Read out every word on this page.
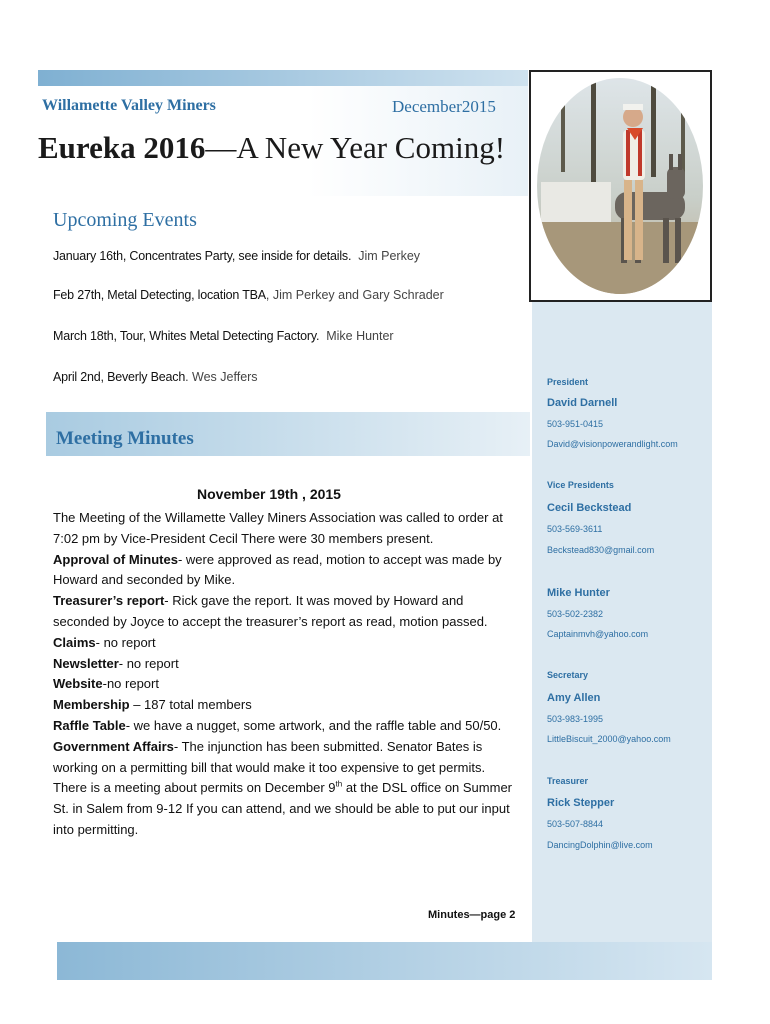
Willamette Valley Miners	December2015
Eureka 2016—A New Year Coming!
Upcoming Events
January 16th, Concentrates Party, see inside for details. Jim Perkey
Feb 27th, Metal Detecting, location TBA, Jim Perkey and Gary Schrader
March 18th, Tour, Whites Metal Detecting Factory. Mike Hunter
April 2nd, Beverly Beach. Wes Jeffers
Meeting Minutes
November 19th , 2015

The Meeting of the Willamette Valley Miners Association was called to order at 7:02 pm by Vice-President Cecil There were 30 members present.

Approval of Minutes- were approved as read, motion to accept was made by Howard and seconded by Mike.

Treasurer’s report- Rick gave the report. It was moved by Howard and seconded by Joyce to accept the treasurer’s report as read, motion passed.

Claims- no report

Newsletter- no report

Website-no report

Membership – 187 total members

Raffle Table- we have a nugget, some artwork, and the raffle table and 50/50.

Government Affairs- The injunction has been submitted. Senator Bates is working on a permitting bill that would make it too expensive to get permits. There is a meeting about permits on December 9th at the DSL office on Summer St. in Salem from 9-12 If you can attend, and we should be able to put our input into permitting.

Minutes—page 2
President
David Darnell
503-951-0415
David@visionpowerandlight.com
Vice Presidents
Cecil Beckstead
503-569-3611
Beckstead830@gmail.com
Mike Hunter
503-502-2382
Captainmvh@yahoo.com
Secretary
Amy Allen
503-983-1995
LittleBiscuit_2000@yahoo.com
Treasurer
Rick Stepper
503-507-8844
DancingDolphin@live.com
